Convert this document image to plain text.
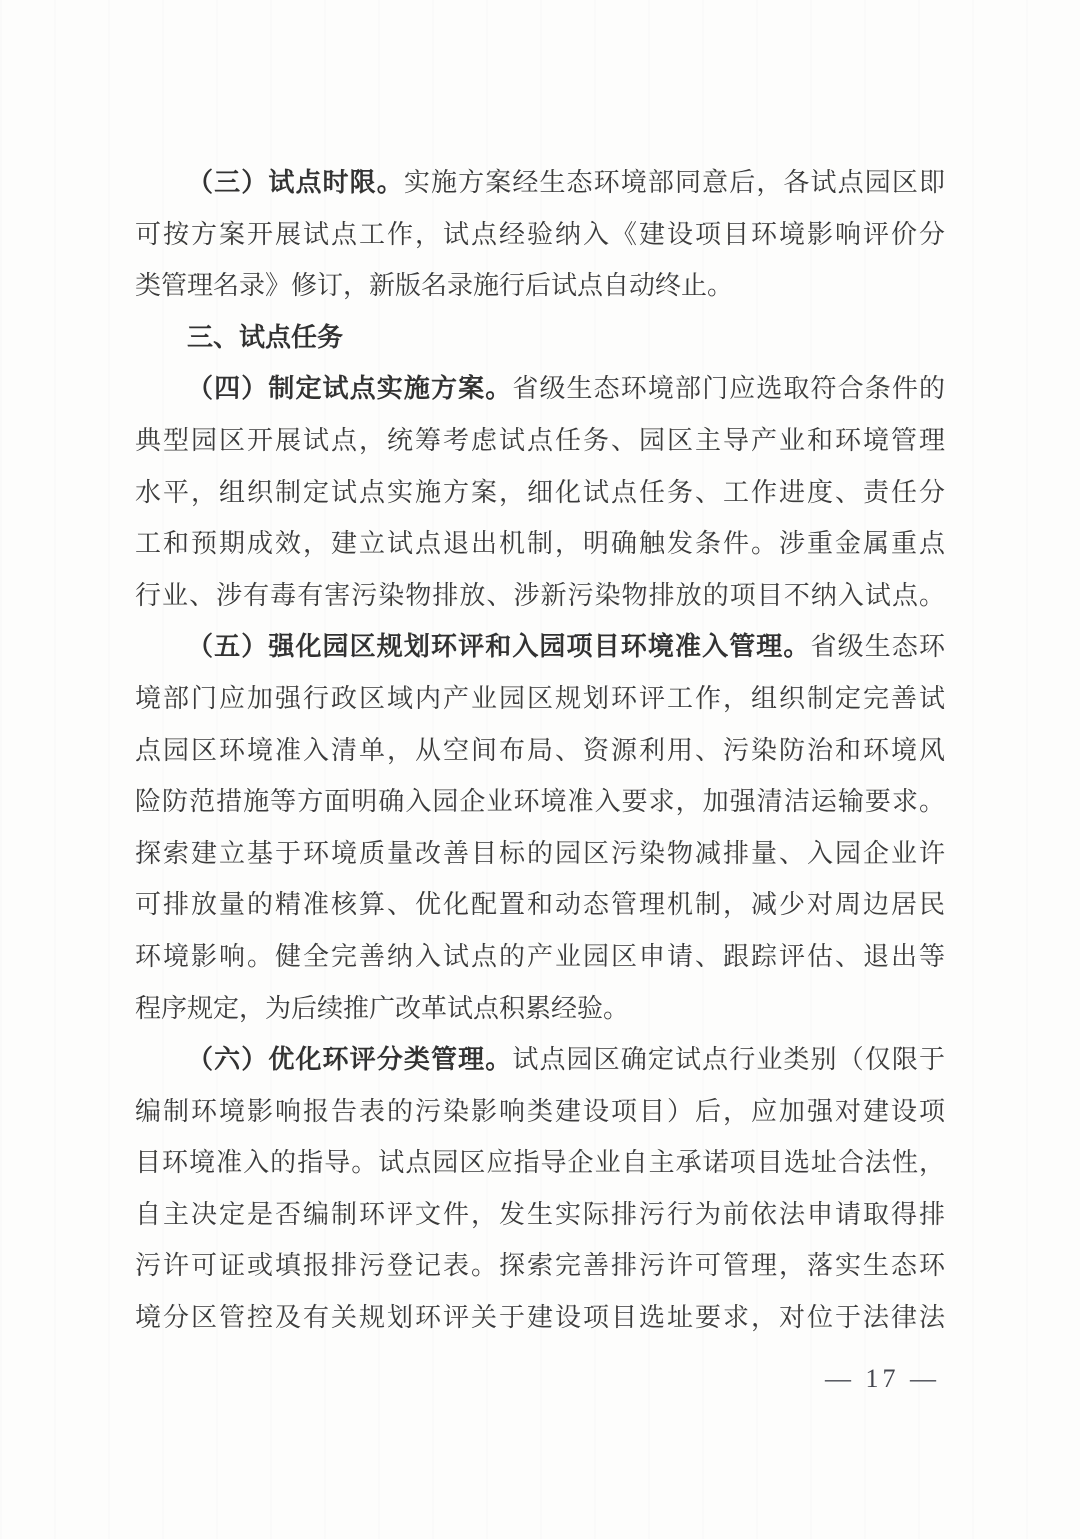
（三）试点时限。实施方案经生态环境部同意后，各试点园区即
可按方案开展试点工作，试点经验纳入《建设项目环境影响评价分
类管理名录》修订，新版名录施行后试点自动终止。
三、试点任务
（四）制定试点实施方案。省级生态环境部门应选取符合条件的
典型园区开展试点，统筹考虑试点任务、园区主导产业和环境管理
水平，组织制定试点实施方案，细化试点任务、工作进度、责任分
工和预期成效，建立试点退出机制，明确触发条件。涉重金属重点
行业、涉有毒有害污染物排放、涉新污染物排放的项目不纳入试点。
（五）强化园区规划环评和入园项目环境准入管理。省级生态环
境部门应加强行政区域内产业园区规划环评工作，组织制定完善试
点园区环境准入清单，从空间布局、资源利用、污染防治和环境风
险防范措施等方面明确入园企业环境准入要求，加强清洁运输要求。
探索建立基于环境质量改善目标的园区污染物减排量、入园企业许
可排放量的精准核算、优化配置和动态管理机制，减少对周边居民
环境影响。健全完善纳入试点的产业园区申请、跟踪评估、退出等
程序规定，为后续推广改革试点积累经验。
（六）优化环评分类管理。试点园区确定试点行业类别（仅限于
编制环境影响报告表的污染影响类建设项目）后，应加强对建设项
目环境准入的指导。试点园区应指导企业自主承诺项目选址合法性，
自主决定是否编制环评文件，发生实际排污行为前依法申请取得排
污许可证或填报排污登记表。探索完善排污许可管理，落实生态环
境分区管控及有关规划环评关于建设项目选址要求，对位于法律法
— 17 —
